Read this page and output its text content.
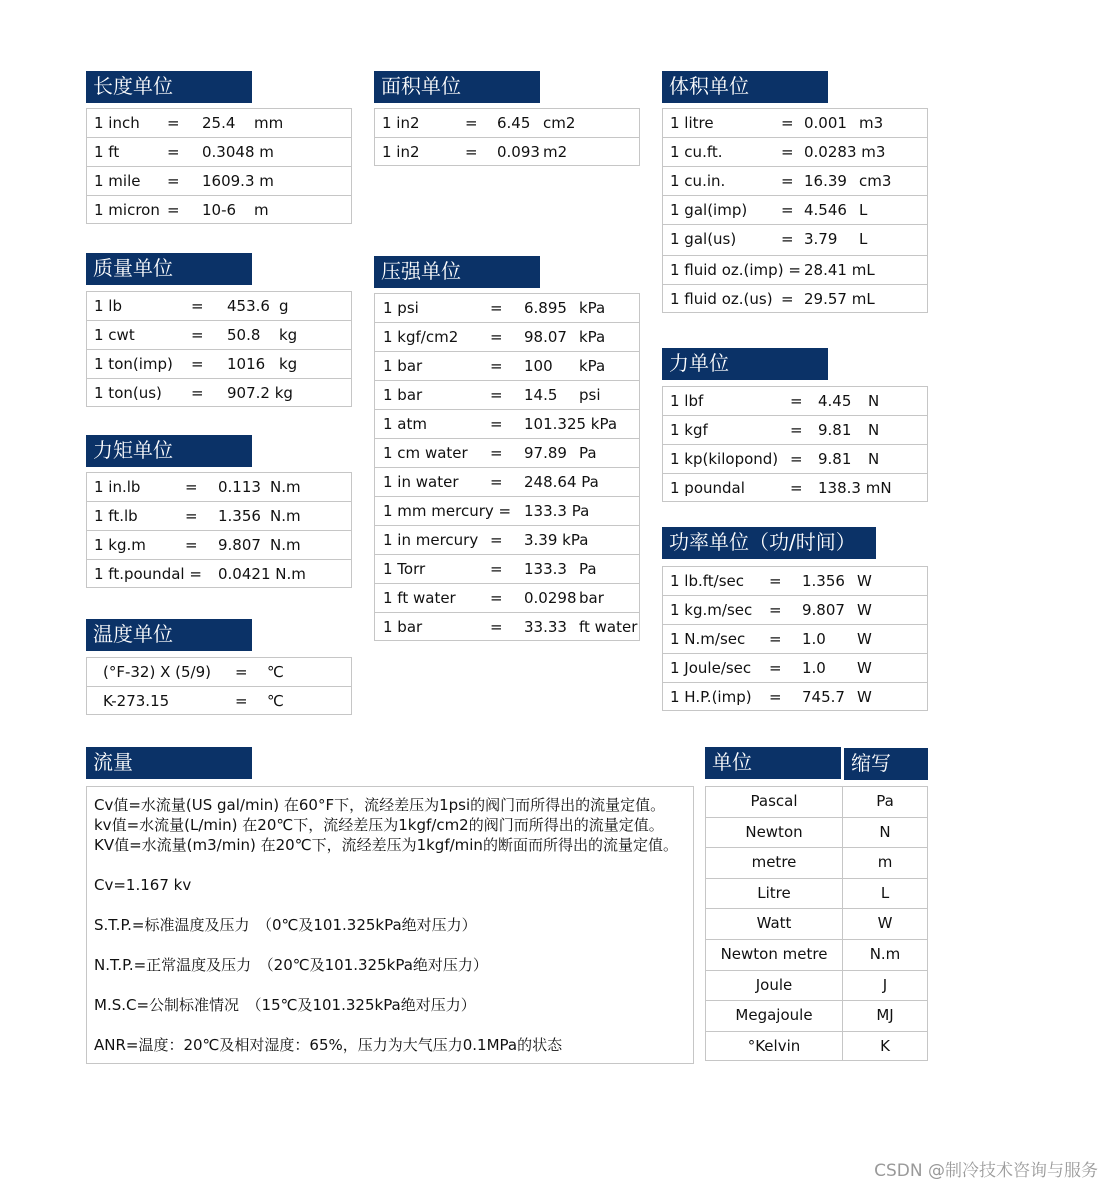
长度单位
1 inch = 25.4 mm
1 ft	= 0.3048 m
1 mile = 1609.3 m
1 micron = 10-6 m
面积单位
1 in2	= 6.45 cm2
1 in2	= 0.093 m2
体积单位
1 litre	= 0.001 m3
1 cu.ft.	= 0.0283 m3
1 cu.in.	= 16.39 cm3
1 gal(imp) = 4.546 L
1 gal(us)	= 3.79 L
1 fluid oz.(imp) = 28.41 mL
1 fluid oz.(us) = 29.57 mL
质量单位
1 lb	= 453.6 g
1 cwt	= 50.8 kg
1 ton(imp) = 1016 kg
1 ton(us) = 907.2 kg
压强单位
1 psi	= 6.895 kPa
1 kgf/cm2 = 98.07 kPa
1 bar	= 100 kPa
1 bar	= 14.5 psi
1 atm	= 101.325 kPa
1 cm water = 97.89 Pa
1 in water = 248.64 Pa
1 mm mercury = 133.3 Pa
1 in mercury = 3.39 kPa
1 Torr	= 133.3 Pa
1 ft water = 0.0298 bar
1 bar	= 33.33 ft water
力单位
1 lbf	= 4.45 N
1 kgf	= 9.81 N
1 kp(kilopond) = 9.81 N
1 poundal	= 138.3 mN
力矩单位
1 in.lb	= 0.113 N.m
1 ft.lb	= 1.356 N.m
1 kg.m	= 9.807 N.m
1 ft.poundal = 0.0421 N.m
功率单位（功/时间）
1 lb.ft/sec = 1.356 W
1 kg.m/sec = 9.807 W
1 N.m/sec = 1.0 W
1 Joule/sec = 1.0 W
1 H.P.(imp) = 745.7 W
温度单位
(°F-32) X (5/9) = ℃
K-273.15	= ℃
流量

Cv值=水流量(US gal/min) 在60°F下，流经差压为1psi的阀门而所得出的流量定值。

kv值=水流量(L/min) 在20℃下，流经差压为1kgf/cm2的阀门而所得出的流量定值。

KV值=水流量(m3/min) 在20℃下，流经差压为1kgf/min的断面而所得出的流量定值。

Cv=1.167 kv

S.T.P.=标准温度及压力　（0℃及101.325kPa绝对压力）

N.T.P.=正常温度及压力　（20℃及101.325kPa绝对压力）

M.S.C=公制标准情况　（15℃及101.325kPa绝对压力）

ANR=温度：20℃及相对湿度：65%，压力为大气压力0.1MPa的状态

单位	缩写
Pascal	Pa
Newton	N
metre	m
Litre	L
Watt	W
Newton metre	N.m
Joule	J
Megajoule	MJ
°Kelvin	K
CSDN @制冷技术咨询与服务
